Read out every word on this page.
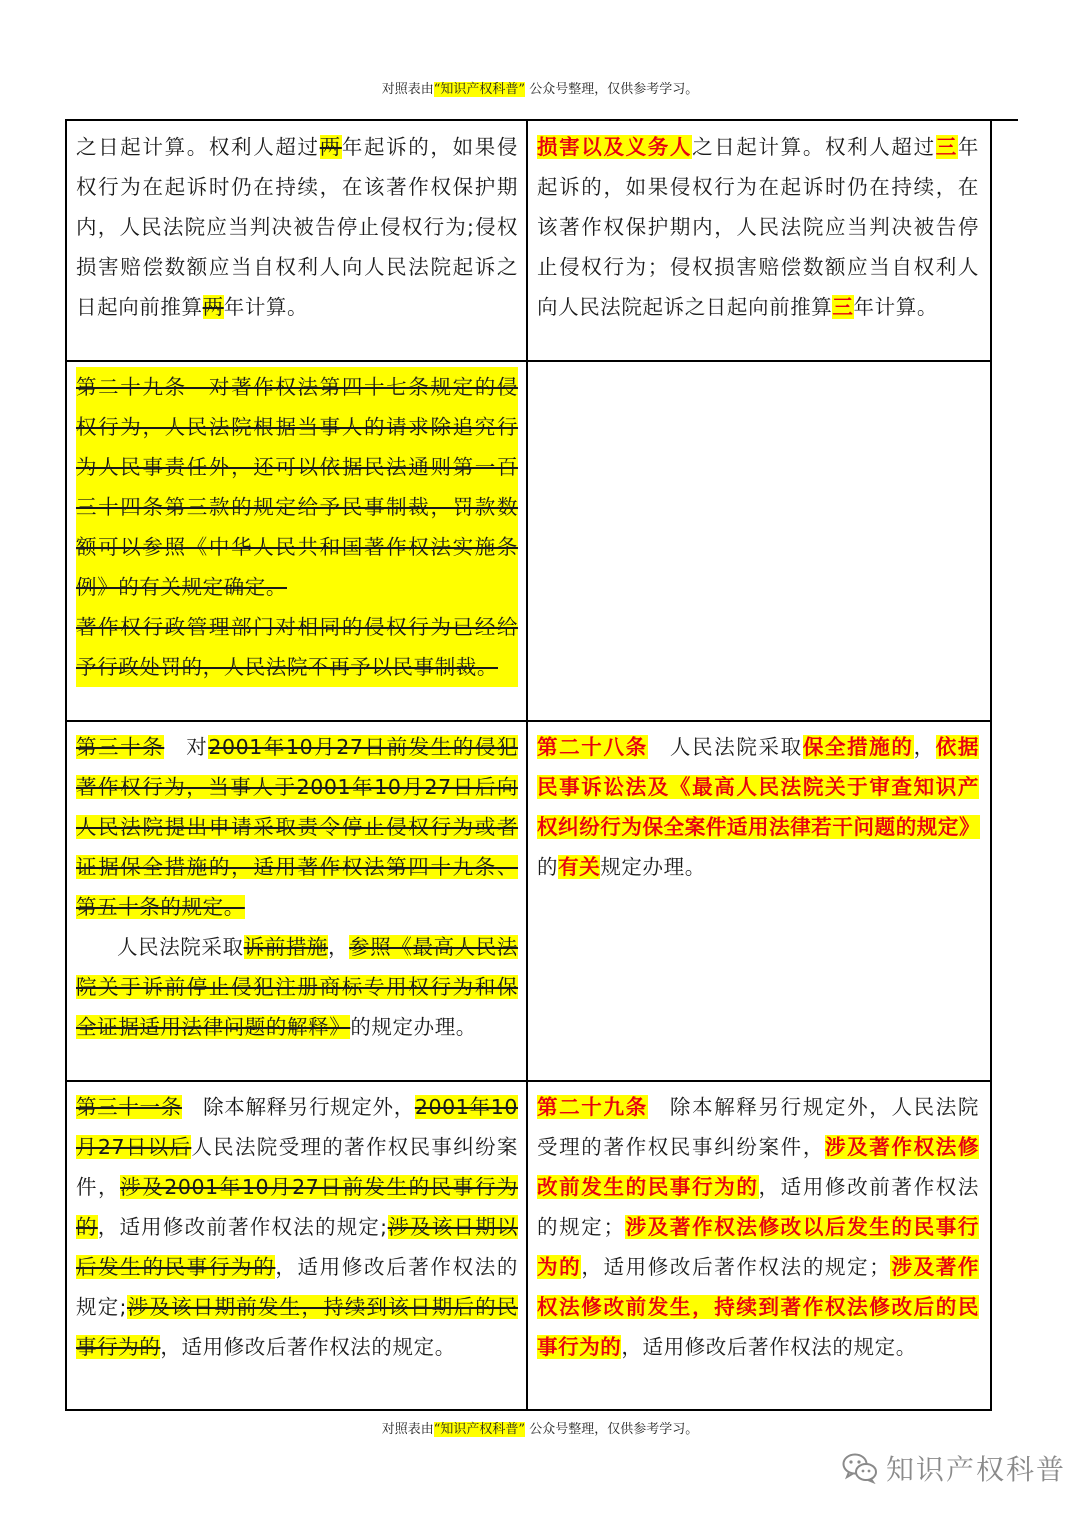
对照表由“知识产权科普” 公众号整理，仅供参考学习。

之日起计算。权利人超过两年起诉的，如果侵权行为在起诉时仍在持续，在该著作权保护期内，人民法院应当判决被告停止侵权行为;侵权损害赔偿数额应当自权利人向人民法院起诉之日起向前推算两年计算。

损害以及义务人之日起计算。权利人超过三年起诉的，如果侵权行为在起诉时仍在持续，在该著作权保护期内，人民法院应当判决被告停止侵权行为；侵权损害赔偿数额应当自权利人向人民法院起诉之日起向前推算三年计算。

第二十九条　对著作权法第四十七条规定的侵权行为，人民法院根据当事人的请求除追究行为人民事责任外，还可以依据民法通则第一百三十四条第三款的规定给予民事制裁，罚款数额可以参照《中华人民共和国著作权法实施条例》的有关规定确定。

著作权行政管理部门对相同的侵权行为已经给予行政处罚的，人民法院不再予以民事制裁。

第三十条　对2001年10月27日前发生的侵犯著作权行为，当事人于2001年10月27日后向人民法院提出申请采取责令停止侵权行为或者证据保全措施的，适用著作权法第四十九条、第五十条的规定。

人民法院采取诉前措施，参照《最高人民法院关于诉前停止侵犯注册商标专用权行为和保全证据适用法律问题的解释》的规定办理。

第二十八条　人民法院采取保全措施的，依据民事诉讼法及《最高人民法院关于审查知识产权纠纷行为保全案件适用法律若干问题的规定》的有关规定办理。

第三十一条　除本解释另行规定外，2001年10月27日以后人民法院受理的著作权民事纠纷案件，涉及2001年10月27日前发生的民事行为的，适用修改前著作权法的规定;涉及该日期以后发生的民事行为的，适用修改后著作权法的规定;涉及该日期前发生，持续到该日期后的民事行为的，适用修改后著作权法的规定。

第二十九条　除本解释另行规定外，人民法院受理的著作权民事纠纷案件，涉及著作权法修改前发生的民事行为的，适用修改前著作权法的规定；涉及著作权法修改以后发生的民事行为的，适用修改后著作权法的规定；涉及著作权法修改前发生，持续到著作权法修改后的民事行为的，适用修改后著作权法的规定。

对照表由“知识产权科普” 公众号整理，仅供参考学习。
知识产权科普
